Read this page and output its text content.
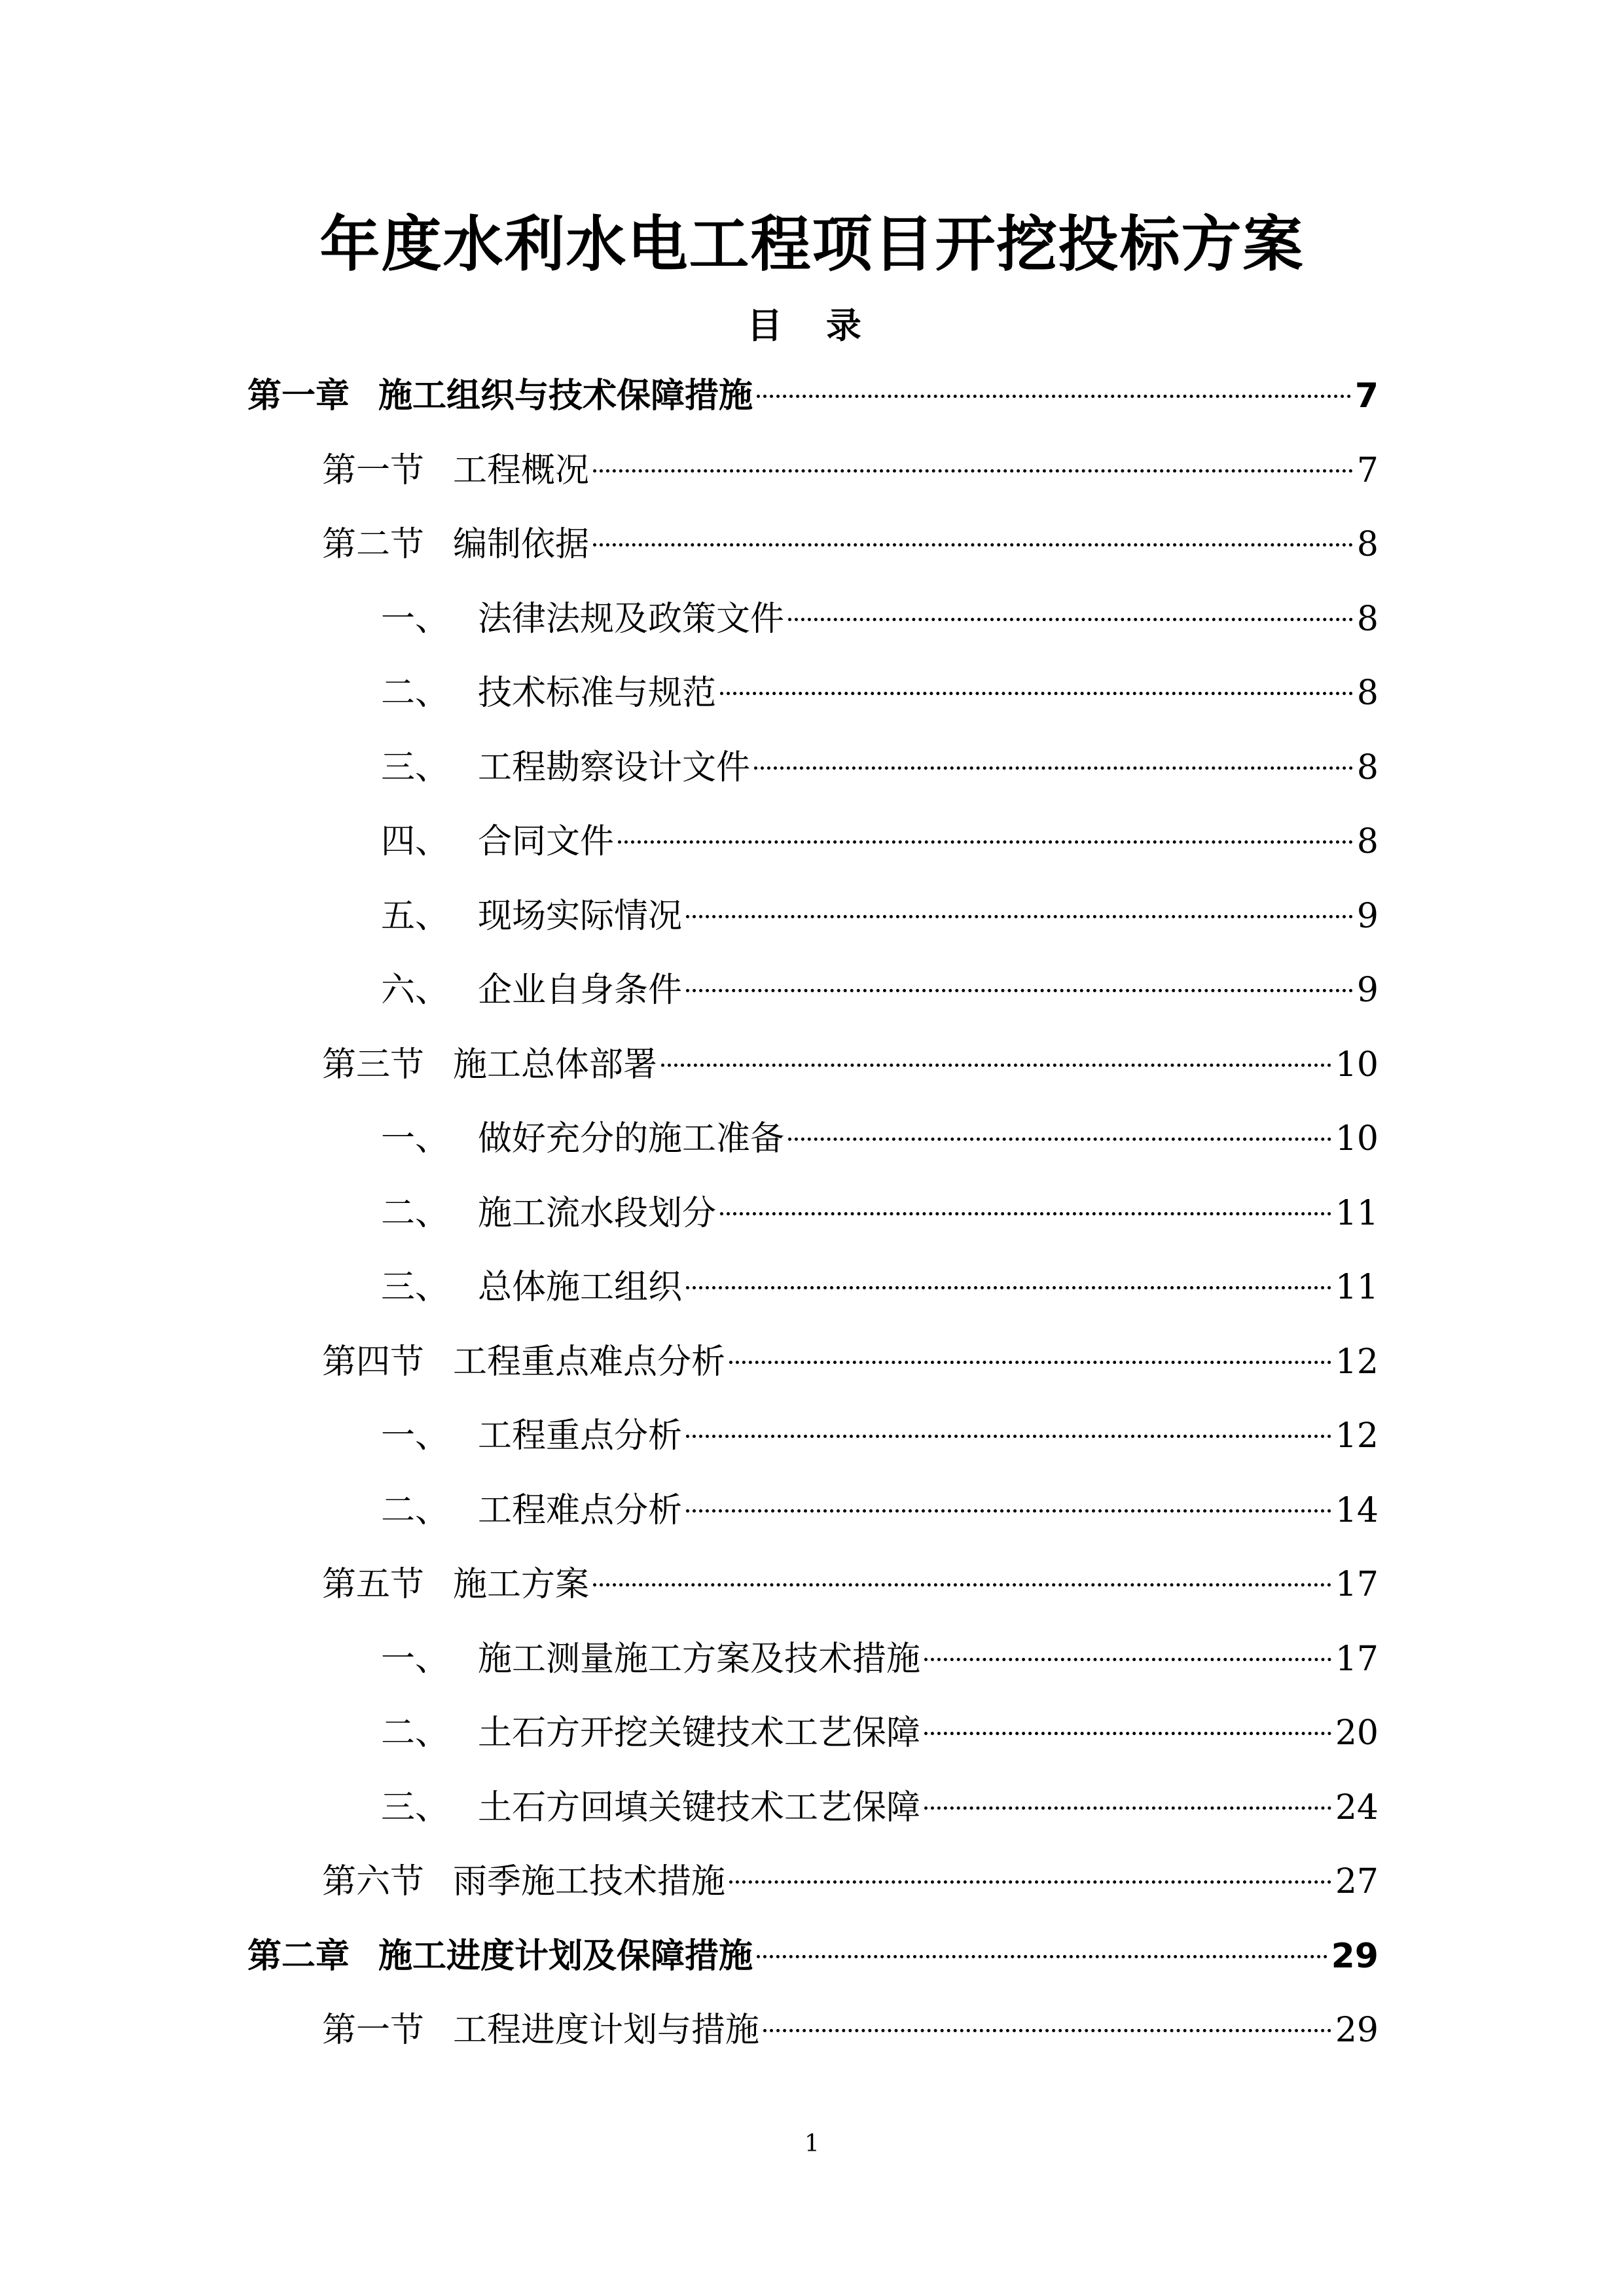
年度水利水电工程项目开挖投标方案
目 录
第一章 施工组织与技术保障措施	7
第一节 工程概况	7
第二节 编制依据	8
一、 法律法规及政策文件	8
二、 技术标准与规范	8
三、 工程勘察设计文件	8
四、 合同文件	8
五、 现场实际情况	9
六、 企业自身条件	9
第三节 施工总体部署	10
一、 做好充分的施工准备	10
二、 施工流水段划分	11
三、 总体施工组织	11
第四节 工程重点难点分析	12
一、 工程重点分析	12
二、 工程难点分析	14
第五节 施工方案	17
一、 施工测量施工方案及技术措施	17
二、 土石方开挖关键技术工艺保障	20
三、 土石方回填关键技术工艺保障	24
第六节 雨季施工技术措施	27
第二章 施工进度计划及保障措施	29
第一节 工程进度计划与措施	29
1
